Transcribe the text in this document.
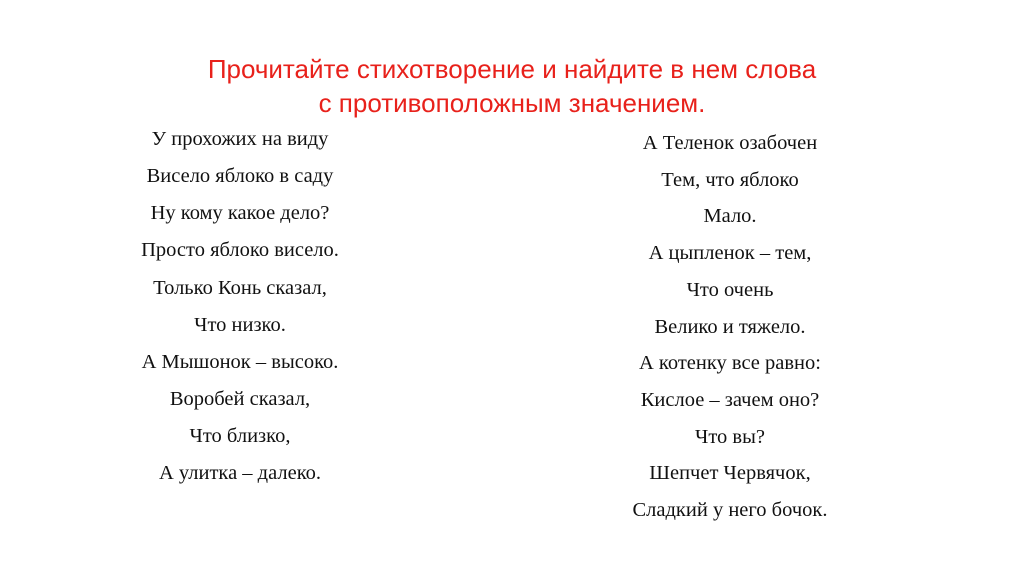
Прочитайте стихотворение и найдите в нем слова
с противоположным значением.
У прохожих на виду
Висело яблоко в саду
Ну кому какое дело?
Просто яблоко висело.
Только Конь сказал,
Что низко.
А Мышонок – высоко.
Воробей сказал,
Что близко,
А улитка – далеко.
А Теленок озабочен
Тем, что яблоко
Мало.
А цыпленок – тем,
Что очень
Велико и тяжело.
А котенку все равно:
Кислое – зачем оно?
Что вы?
Шепчет Червячок,
Сладкий у него бочок.
